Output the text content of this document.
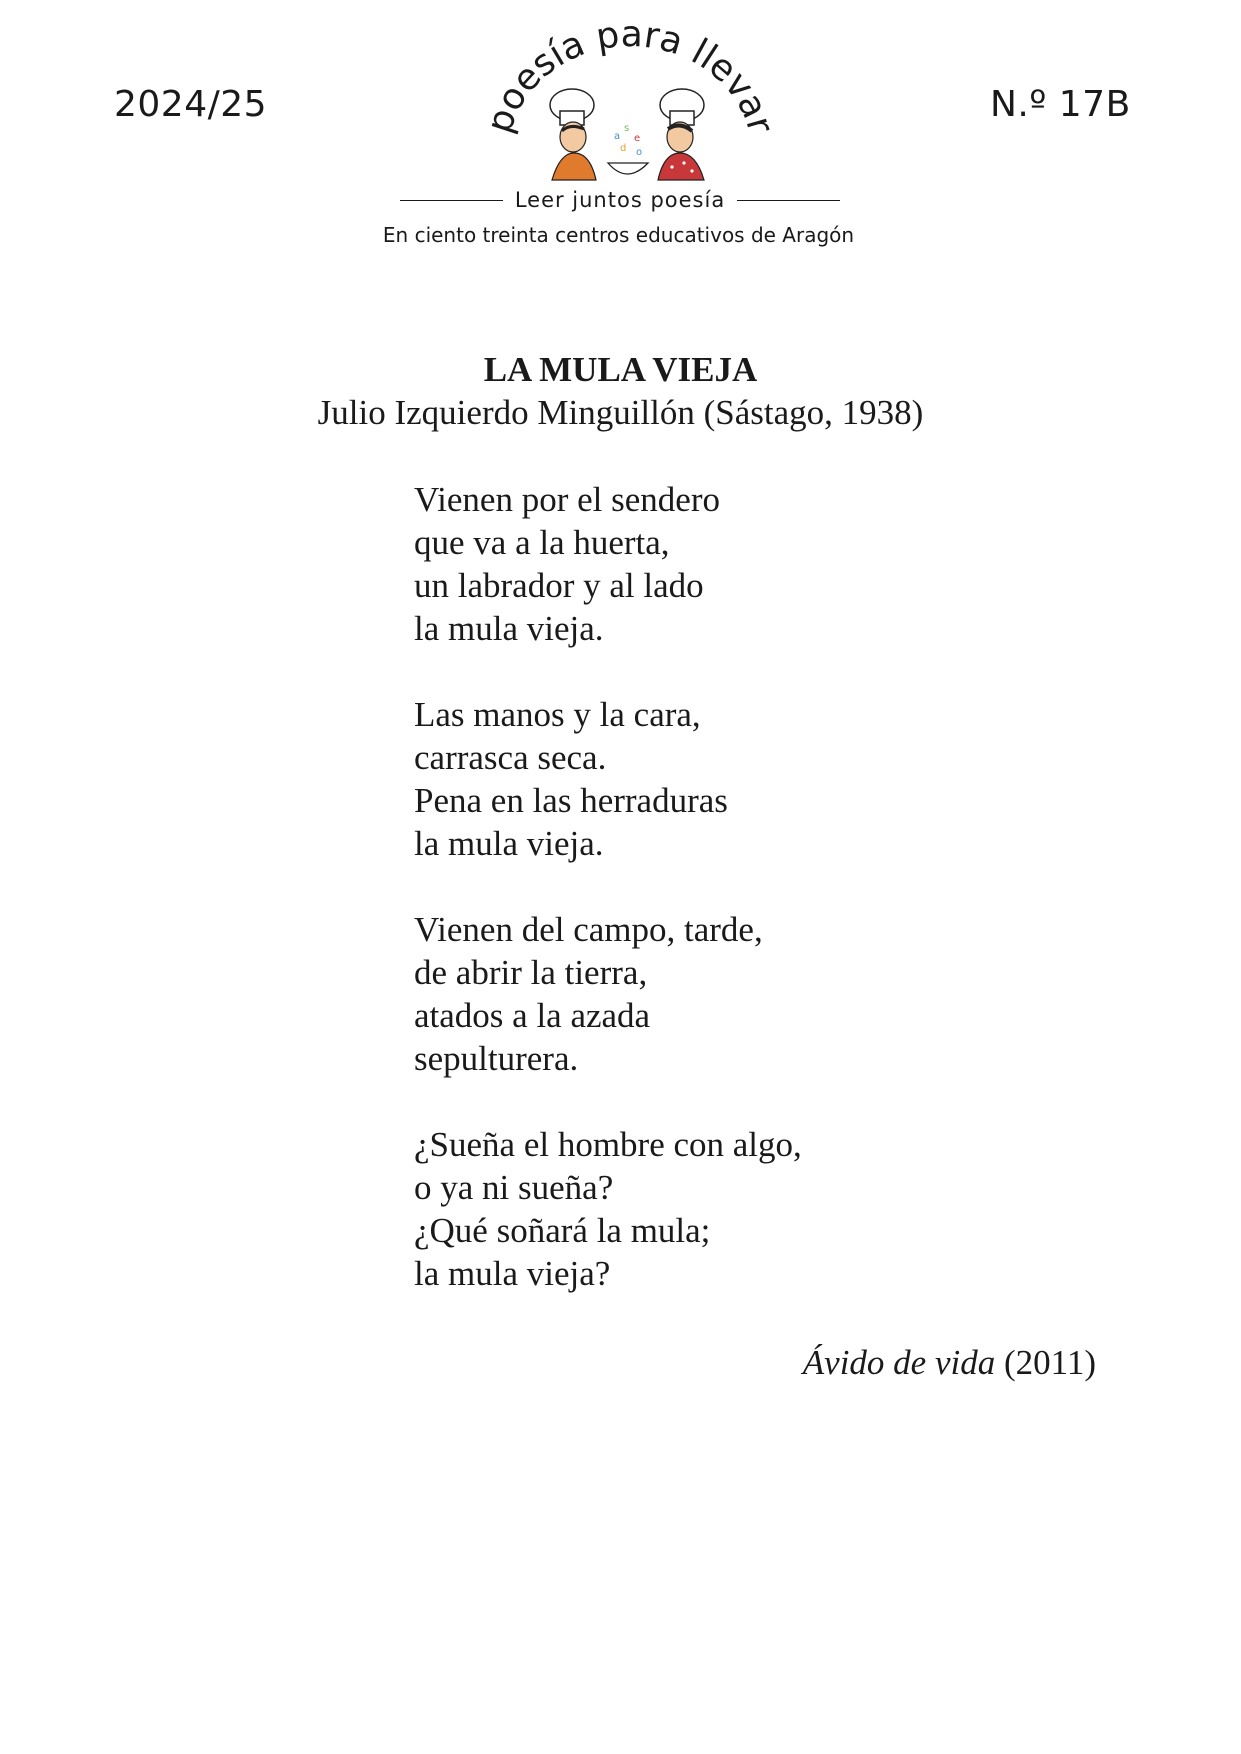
2024/25	N.º 17B
poesía para llevar
a
s
e
d o
Leer juntos poesía
En ciento treinta centros educativos de Aragón
LA MULA VIEJA
Julio Izquierdo Minguillón (Sástago, 1938)
Vienen por el sendero
que va a la huerta,
un labrador y al lado
la mula vieja.
Las manos y la cara,
carrasca seca.
Pena en las herraduras
la mula vieja.
Vienen del campo, tarde,
de abrir la tierra,
atados a la azada
sepulturera.
¿Sueña el hombre con algo,
o ya ni sueña?
¿Qué soñará la mula;
la mula vieja?
Ávido de vida (2011)
